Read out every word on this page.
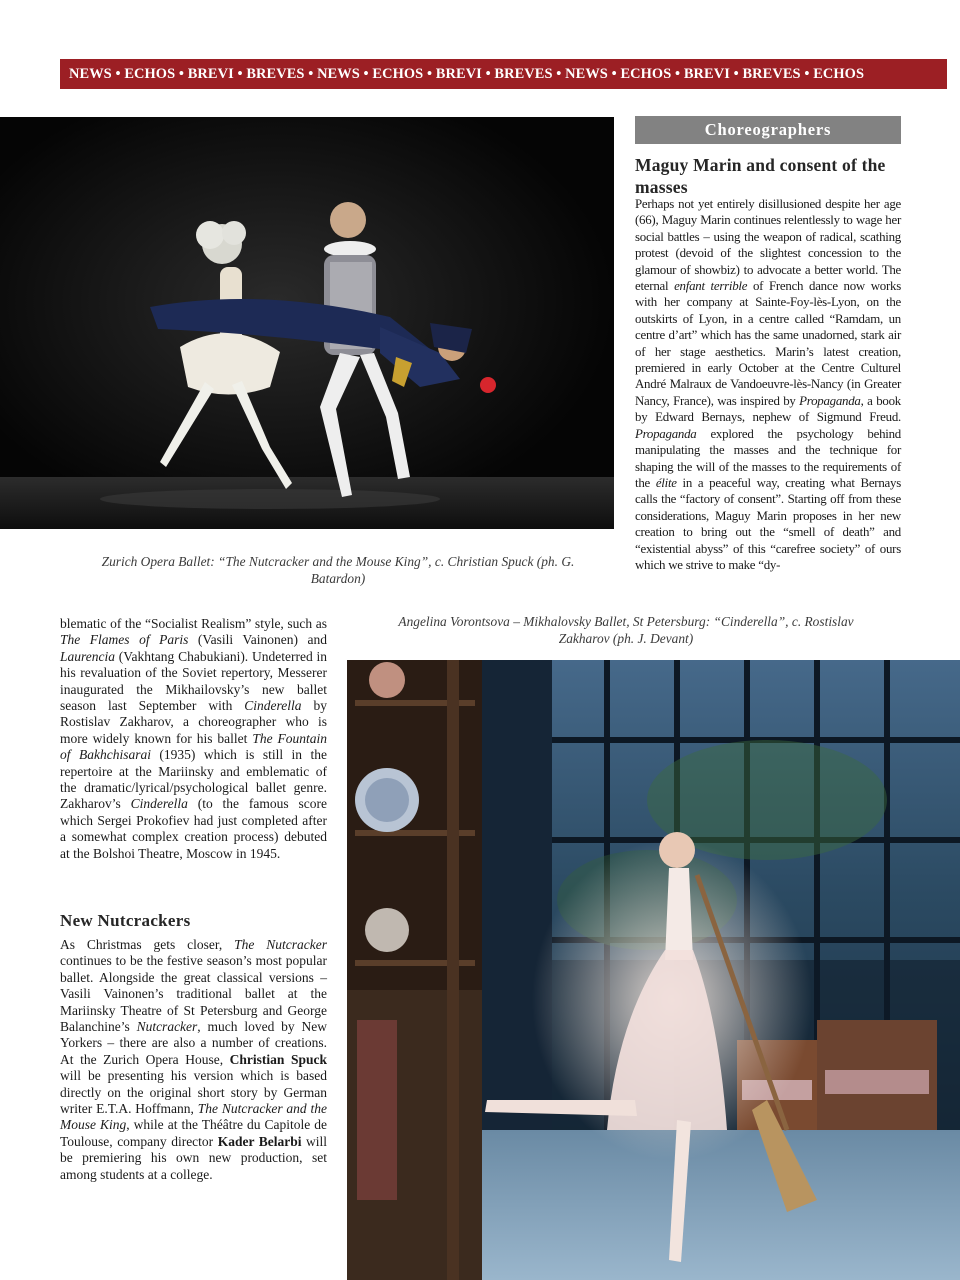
NEWS • ECHOS • BREVI • BREVES • NEWS • ECHOS • BREVI • BREVES • NEWS • ECHOS • BREVI • BREVES • ECHOS
Zurich Opera Ballet: “The Nutcracker and the Mouse King”, c. Christian Spuck (ph. G. Batardon)
Choreographers
Maguy Marin and consent of the masses

Perhaps not yet entirely disillusioned despite her age (66), Maguy Marin continues relentlessly to wage her social battles – using the weapon of radical, scathing protest (devoid of the slightest concession to the glamour of showbiz) to advocate a better world. The eternal enfant terrible of French dance now works with her company at Sainte-Foy-lès-Lyon, on the outskirts of Lyon, in a centre called “Ramdam, un centre d’art” which has the same unadorned, stark air of her stage aesthetics. Marin’s latest creation, premiered in early October at the Centre Culturel André Malraux de Vandoeuvre-lès-Nancy (in Greater Nancy, France), was inspired by Propaganda, a book by Edward Bernays, nephew of Sigmund Freud. Propaganda explored the psychology behind manipulating the masses and the technique for shaping the will of the masses to the requirements of the élite in a peaceful way, creating what Bernays calls the “factory of consent”. Starting off from these considerations, Maguy Marin proposes in her new creation to bring out the “smell of death” and “existential abyss” of this “carefree society” of ours which we strive to make “dy-

blematic of the “Socialist Realism” style, such as The Flames of Paris (Vasili Vainonen) and Laurencia (Vakhtang Chabukiani). Undeterred in his revaluation of the Soviet repertory, Messerer inaugurated the Mikhailovsky’s new ballet season last September with Cinderella by Rostislav Zakharov, a choreographer who is more widely known for his ballet The Fountain of Bakhchisarai (1935) which is still in the repertoire at the Mariinsky and emblematic of the dramatic/lyrical/psychological ballet genre. Zakharov’s Cinderella (to the famous score which Sergei Prokofiev had just completed after a somewhat complex creation process) debuted at the Bolshoi Theatre, Moscow in 1945.

New Nutcrackers

As Christmas gets closer, The Nutcracker continues to be the festive season’s most popular ballet. Alongside the great classical versions – Vasili Vainonen’s traditional ballet at the Mariinsky Theatre of St Petersburg and George Balanchine’s Nutcracker, much loved by New Yorkers – there are also a number of creations. At the Zurich Opera House, Christian Spuck will be presenting his version which is based directly on the original short story by German writer E.T.A. Hoffmann, The Nutcracker and the Mouse King, while at the Théâtre du Capitole de Toulouse, company director Kader Belarbi will be premiering his own new production, set among students at a college.

Angelina Vorontsova – Mikhalovsky Ballet, St Petersburg: “Cinderella”, c. Rostislav Zakharov (ph. J. Devant)
